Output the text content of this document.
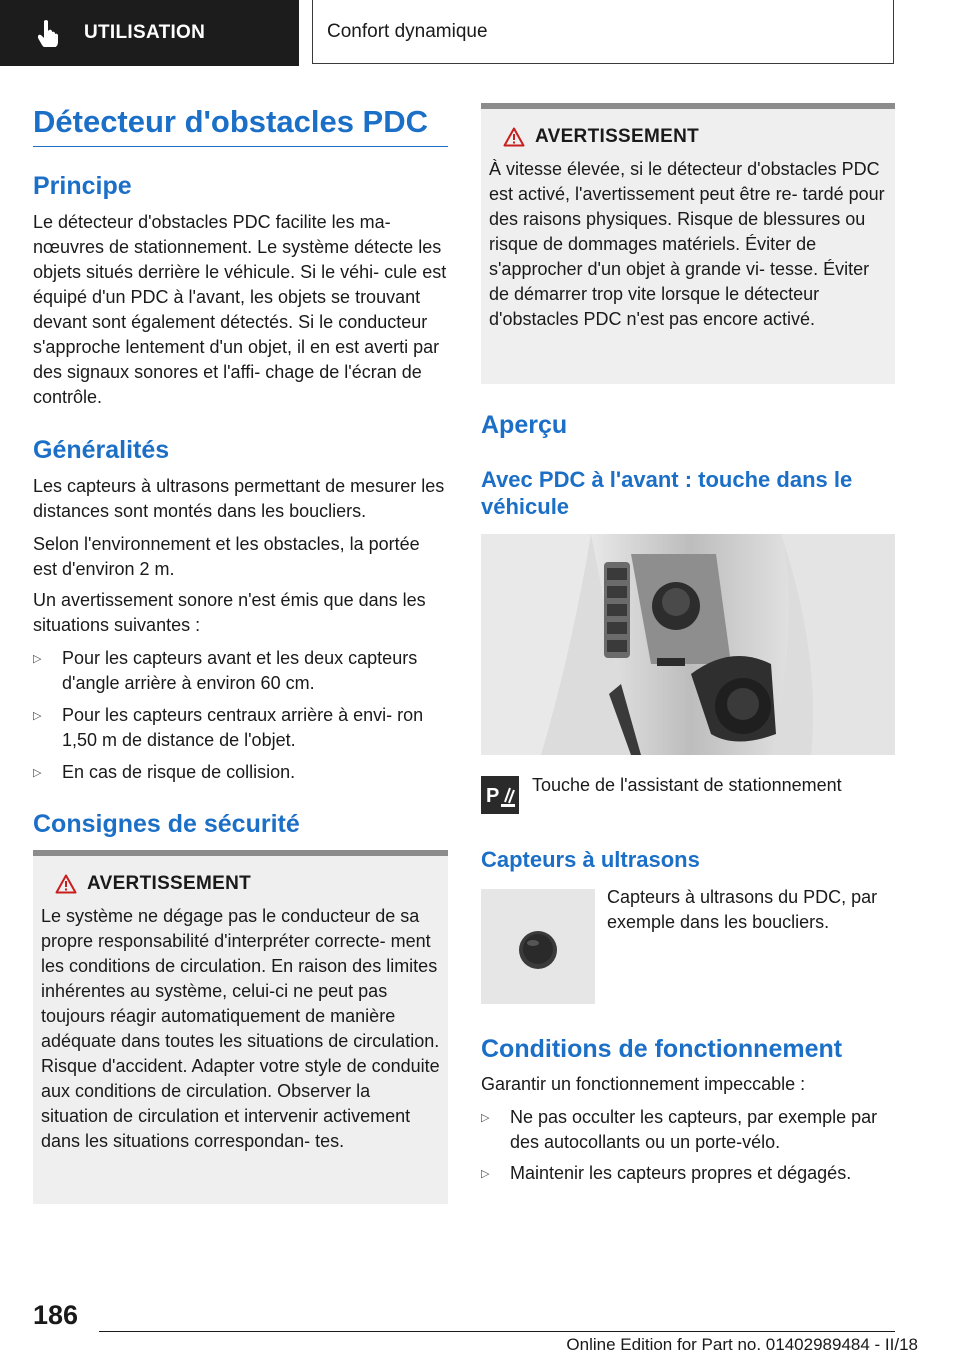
UTILISATION	Confort dynamique
Détecteur d'obstacles PDC
Principe

Le détecteur d'obstacles PDC facilite les ma‐ nœuvres de stationnement. Le système détecte les objets situés derrière le véhicule. Si le véhi‐ cule est équipé d'un PDC à l'avant, les objets se trouvant devant sont également détectés. Si le conducteur s'approche lentement d'un objet, il en est averti par des signaux sonores et l'affi‐ chage de l'écran de contrôle.

Généralités

Les capteurs à ultrasons permettant de mesurer les distances sont montés dans les boucliers.

Selon l'environnement et les obstacles, la portée est d'environ 2 m.

Un avertissement sonore n'est émis que dans les situations suivantes :

▷	Pour les capteurs avant et les deux capteurs d'angle arrière à environ 60 cm.
▷	Pour les capteurs centraux arrière à envi‐ ron 1,50 m de distance de l'objet.
▷	En cas de risque de collision.
Consignes de sécurité
AVERTISSEMENT
Le système ne dégage pas le conducteur de sa propre responsabilité d'interpréter correcte‐ ment les conditions de circulation. En raison des limites inhérentes au système, celui-ci ne peut pas toujours réagir automatiquement de manière adéquate dans toutes les situations de circulation. Risque d'accident. Adapter votre style de conduite aux conditions de circulation. Observer la situation de circulation et intervenir activement dans les situations correspondan‐ tes.
AVERTISSEMENT
À vitesse élevée, si le détecteur d'obstacles PDC est activé, l'avertissement peut être re‐ tardé pour des raisons physiques. Risque de blessures ou risque de dommages matériels. Éviter de s'approcher d'un objet à grande vi‐ tesse. Éviter de démarrer trop vite lorsque le détecteur d'obstacles PDC n'est pas encore activé.
Aperçu
Avec PDC à l'avant : touche dans le véhicule
P Touche de l'assistant de stationnement

Capteurs à ultrasons

Capteurs à ultrasons du PDC, par exemple dans les boucliers.

Conditions de fonctionnement

Garantir un fonctionnement impeccable :

▷	Ne pas occulter les capteurs, par exemple par des autocollants ou un porte-vélo.
▷	Maintenir les capteurs propres et dégagés.
186
Online Edition for Part no. 01402989484 - II/18
